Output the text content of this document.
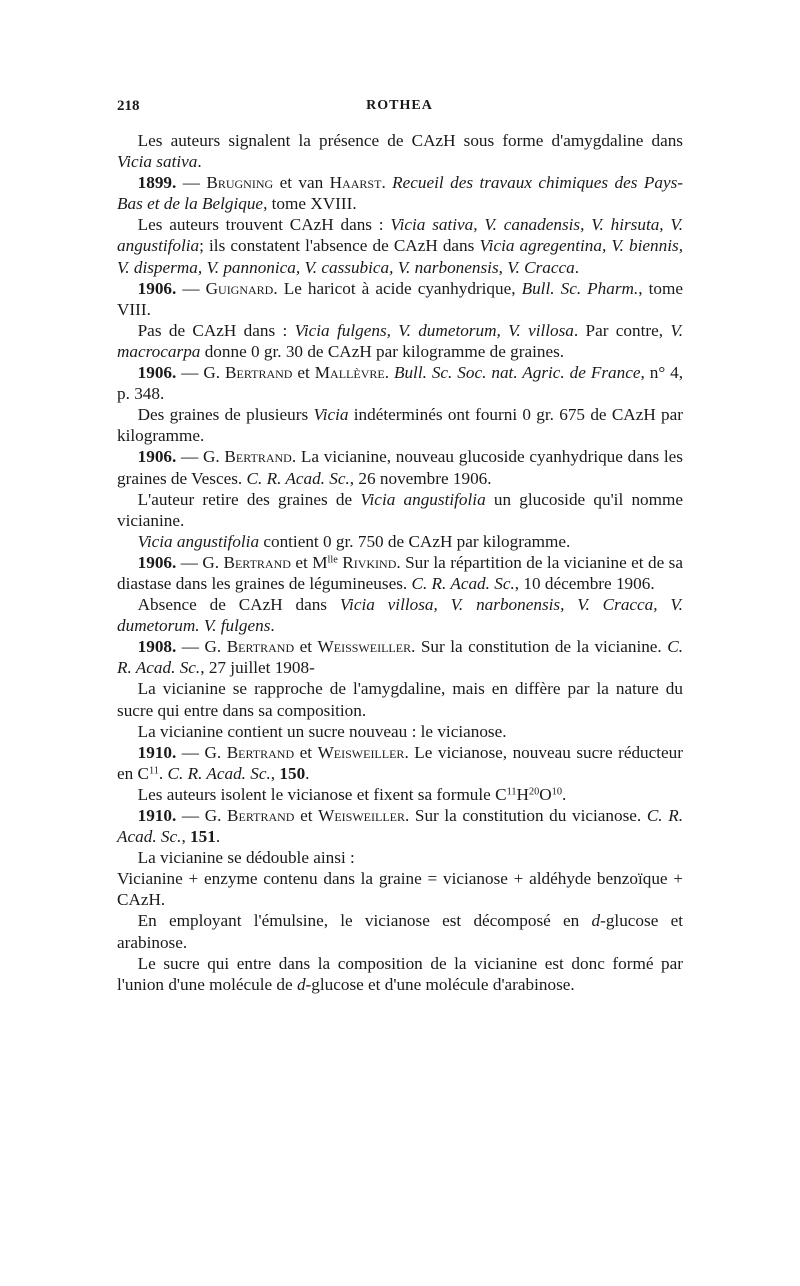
218	ROTHEA

Les auteurs signalent la présence de CAzH sous forme d'amygdaline dans Vicia sativa.

1899. — Brugning et van Haarst. Recueil des travaux chimiques des Pays-Bas et de la Belgique, tome XVIII.

Les auteurs trouvent CAzH dans : Vicia sativa, V. canadensis, V. hirsuta, V. angustifolia; ils constatent l'absence de CAzH dans Vicia agregentina, V. biennis, V. disperma, V. pannonica, V. cassubica, V. narbonensis, V. Cracca.

1906. — Guignard. Le haricot à acide cyanhydrique, Bull. Sc. Pharm., tome VIII.

Pas de CAzH dans : Vicia fulgens, V. dumetorum, V. villosa. Par contre, V. macrocarpa donne 0 gr. 30 de CAzH par kilogramme de graines.

1906. — G. Bertrand et Mallèvre. Bull. Sc. Soc. nat. Agric. de France, n° 4, p. 348.

Des graines de plusieurs Vicia indéterminés ont fourni 0 gr. 675 de CAzH par kilogramme.

1906. — G. Bertrand. La vicianine, nouveau glucoside cyanhydrique dans les graines de Vesces. C. R. Acad. Sc., 26 novembre 1906.

L'auteur retire des graines de Vicia angustifolia un glucoside qu'il nomme vicianine.

Vicia angustifolia contient 0 gr. 750 de CAzH par kilogramme.

1906. — G. Bertrand et $M^{lle}$ Rivkind. Sur la répartition de la vicianine et de sa diastase dans les graines de légumineuses. C. R. Acad. Sc., 10 décembre 1906.

Absence de CAzH dans Vicia villosa, V. narbonensis, V. Cracca, V. dumetorum. V. fulgens.

1908. — G. Bertrand et Weissweiller. Sur la constitution de la vicianine. C. R. Acad. Sc., 27 juillet 1908-

La vicianine se rapproche de l'amygdaline, mais en diffère par la nature du sucre qui entre dans sa composition.

La vicianine contient un sucre nouveau : le vicianose.

1910. — G. Bertrand et Weisweiller. Le vicianose, nouveau sucre réducteur en $C^{11}$. C. R. Acad. Sc., 150.

Les auteurs isolent le vicianose et fixent sa formule $C^{11}H^{20}O^{10}$.

1910. — G. Bertrand et Weisweiller. Sur la constitution du vicianose. C. R. Acad. Sc., 151.

La vicianine se dédouble ainsi :

Vicianine + enzyme contenu dans la graine = vicianose + aldéhyde benzoïque + CAzH.

En employant l'émulsine, le vicianose est décomposé en d-glucose et arabinose.

Le sucre qui entre dans la composition de la vicianine est donc formé par l'union d'une molécule de d-glucose et d'une molécule d'arabinose.
